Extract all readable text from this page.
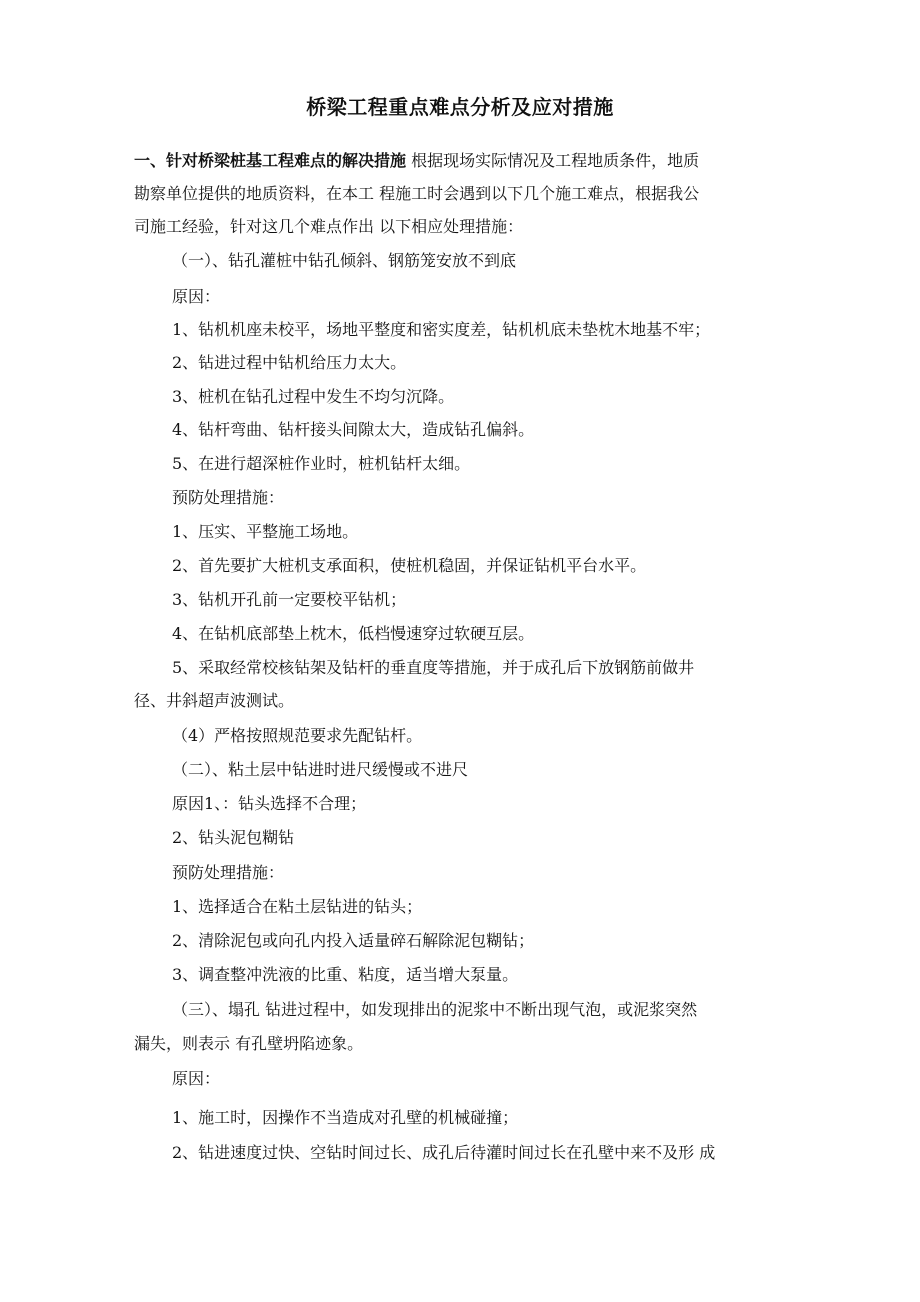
桥梁工程重点难点分析及应对措施
一、针对桥梁桩基工程难点的解决措施 根据现场实际情况及工程地质条件，地质
勘察单位提供的地质资料，在本工 程施工时会遇到以下几个施工难点，根据我公
司施工经验，针对这几个难点作出 以下相应处理措施：
（一）、钻孔灌桩中钻孔倾斜、钢筋笼安放不到底
原因：
1、钻机机座未校平，场地平整度和密实度差，钻机机底未垫枕木地基不牢；
2、钻进过程中钻机给压力太大。
3、桩机在钻孔过程中发生不均匀沉降。
4、钻杆弯曲、钻杆接头间隙太大，造成钻孔偏斜。
5、在进行超深桩作业时，桩机钻杆太细。
预防处理措施：
1、压实、平整施工场地。
2、首先要扩大桩机支承面积，使桩机稳固，并保证钻机平台水平。
3、钻机开孔前一定要校平钻机；
4、在钻机底部垫上枕木，低档慢速穿过软硬互层。
5、采取经常校核钻架及钻杆的垂直度等措施，并于成孔后下放钢筋前做井
径、井斜超声波测试。
（4）严格按照规范要求先配钻杆。
（二）、粘土层中钻进时进尺缓慢或不进尺
原因1、：钻头选择不合理；
2、钻头泥包糊钻
预防处理措施：
1、选择适合在粘土层钻进的钻头；
2、清除泥包或向孔内投入适量碎石解除泥包糊钻；
3、调查整冲洗液的比重、粘度，适当增大泵量。
（三）、塌孔 钻进过程中，如发现排出的泥浆中不断出现气泡，或泥浆突然
漏失，则表示 有孔壁坍陷迹象。
原因：
1、施工时，因操作不当造成对孔壁的机械碰撞；
2、钻进速度过快、空钻时间过长、成孔后待灌时间过长在孔壁中来不及形 成
